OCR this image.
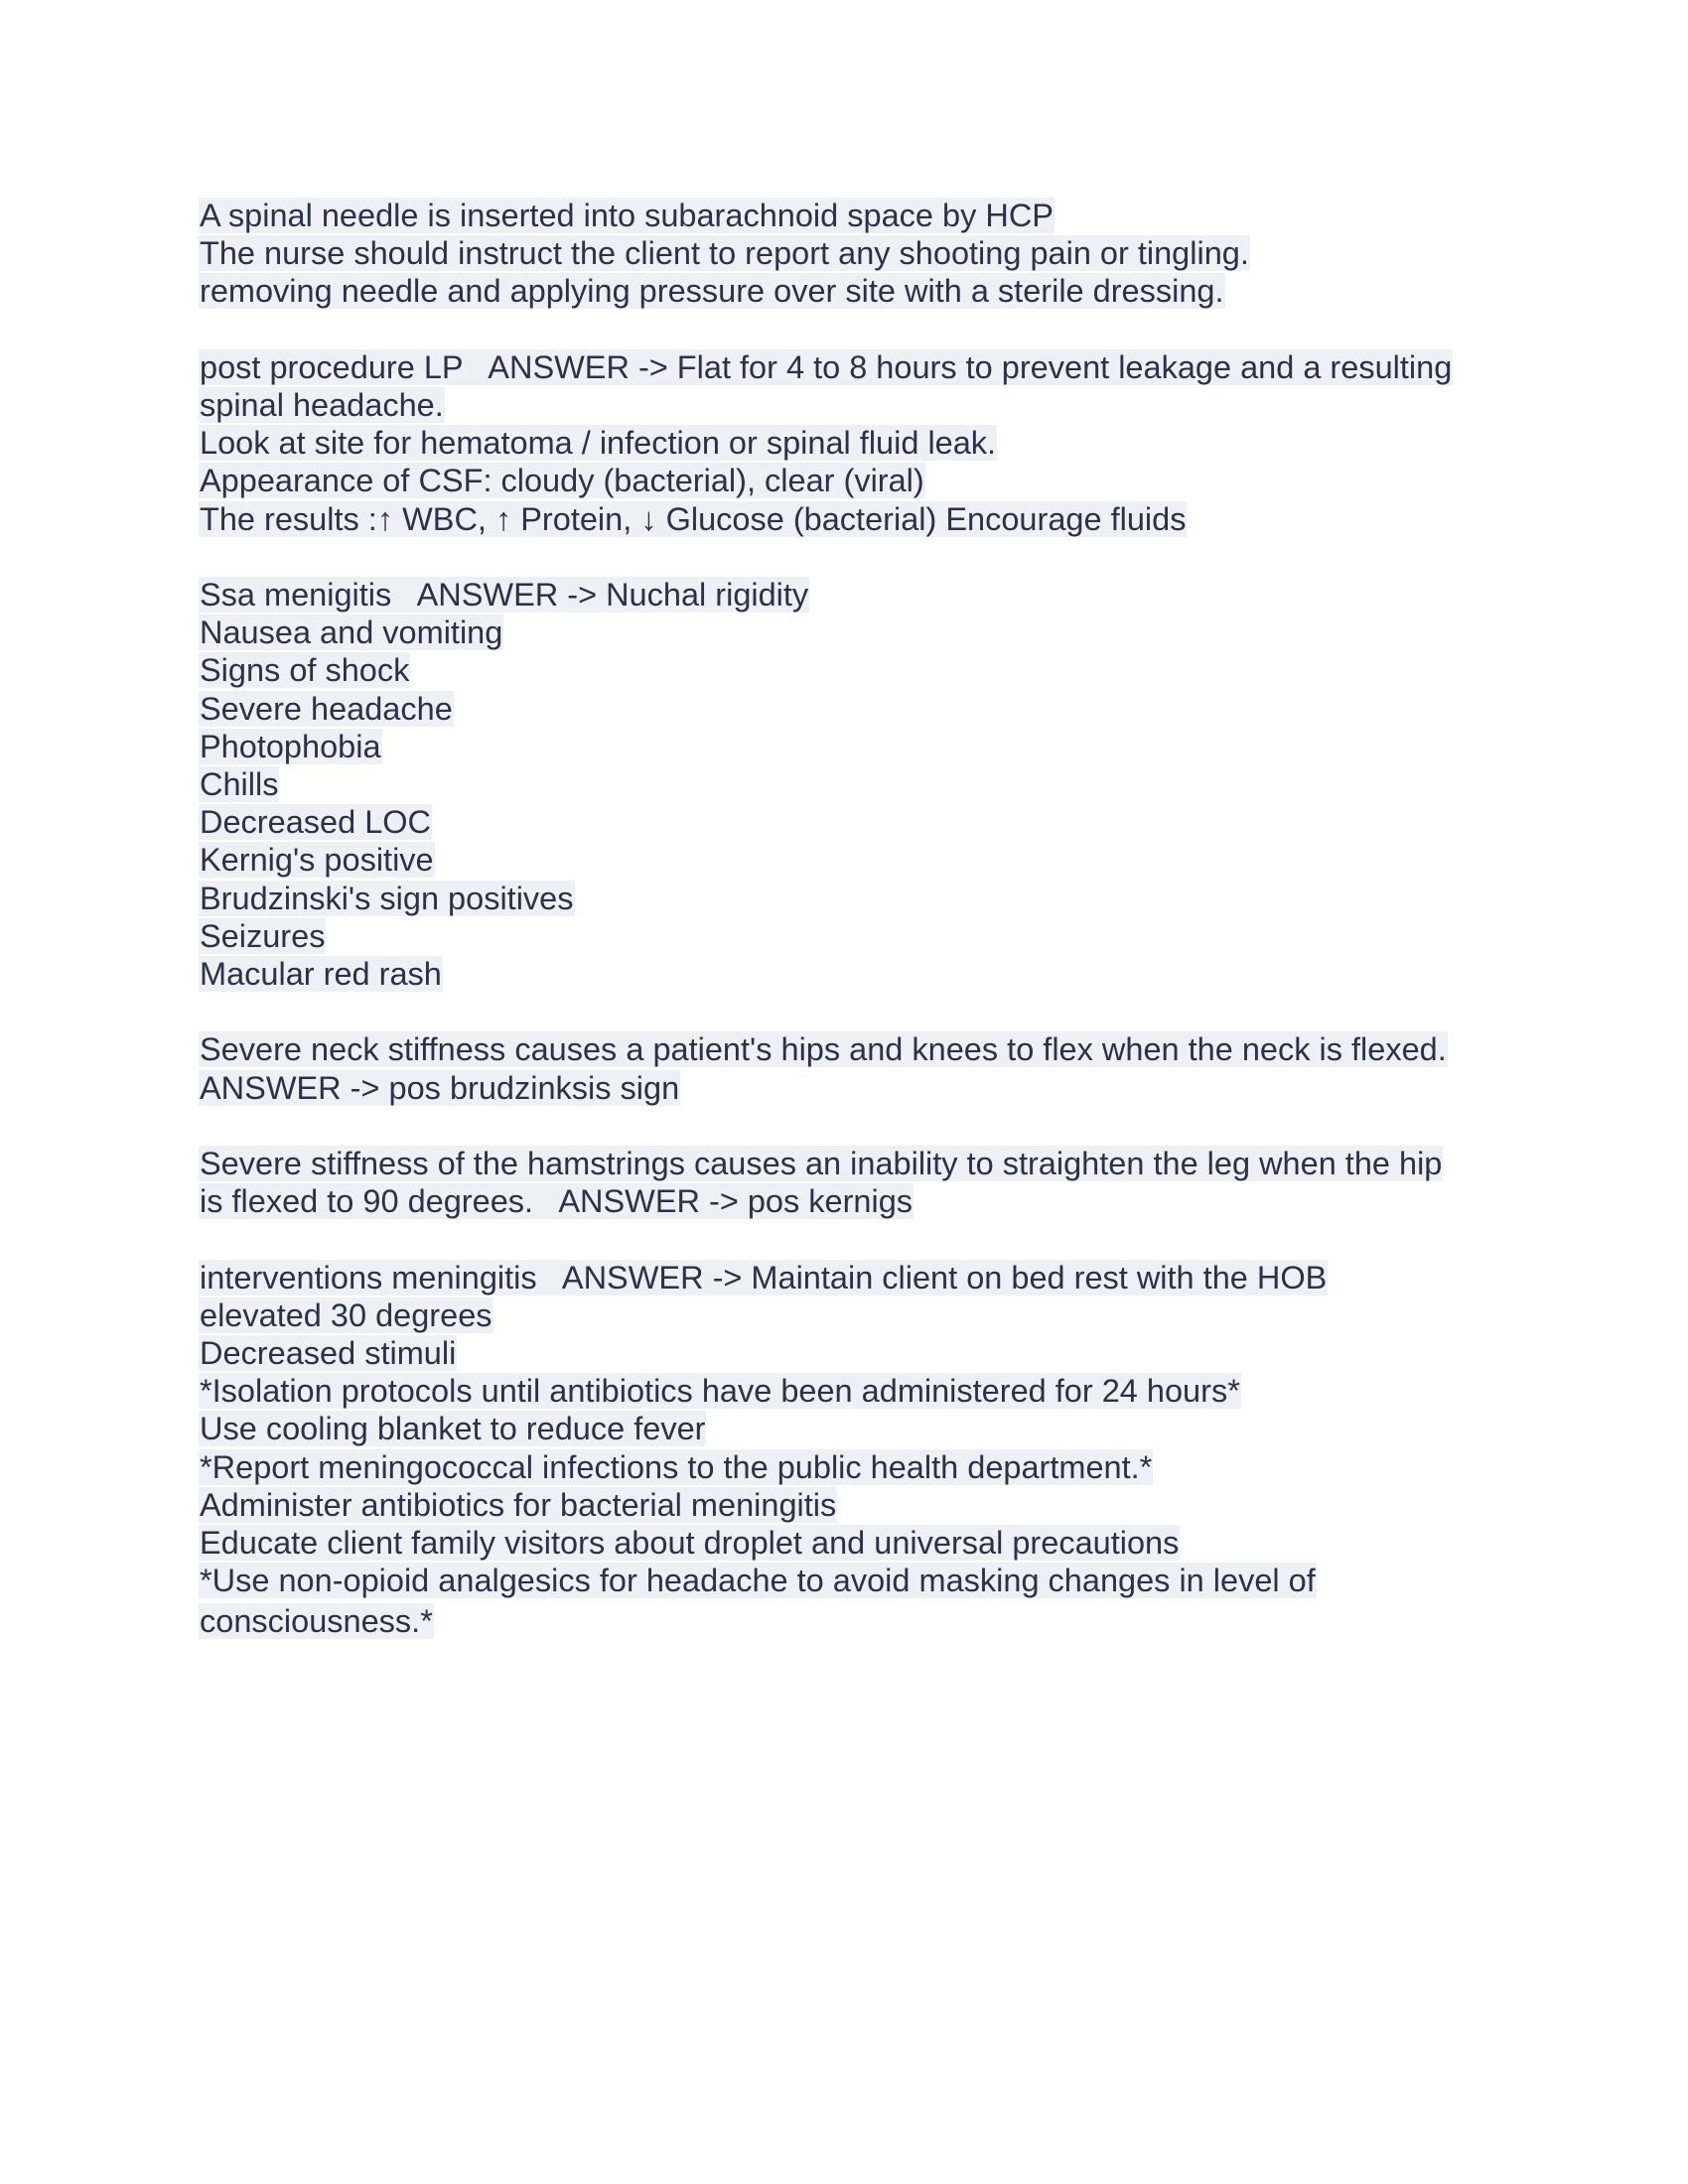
A spinal needle is inserted into subarachnoid space by HCP
The nurse should instruct the client to report any shooting pain or tingling.
removing needle and applying pressure over site with a sterile dressing.
post procedure LP   ANSWER -> Flat for 4 to 8 hours to prevent leakage and a resulting
spinal headache.
Look at site for hematoma / infection or spinal fluid leak.
Appearance of CSF: cloudy (bacterial), clear (viral)
The results :↑ WBC, ↑ Protein, ↓ Glucose (bacterial) Encourage fluids
Ssa menigitis   ANSWER -> Nuchal rigidity
Nausea and vomiting
Signs of shock
Severe headache
Photophobia
Chills
Decreased LOC
Kernig's positive
Brudzinski's sign positives
Seizures
Macular red rash
Severe neck stiffness causes a patient's hips and knees to flex when the neck is flexed.
ANSWER -> pos brudzinksis sign
Severe stiffness of the hamstrings causes an inability to straighten the leg when the hip
is flexed to 90 degrees.   ANSWER -> pos kernigs
interventions meningitis   ANSWER -> Maintain client on bed rest with the HOB
elevated 30 degrees
Decreased stimuli
*Isolation protocols until antibiotics have been administered for 24 hours*
Use cooling blanket to reduce fever
*Report meningococcal infections to the public health department.*
Administer antibiotics for bacterial meningitis
Educate client family visitors about droplet and universal precautions
*Use non-opioid analgesics for headache to avoid masking changes in level of
consciousness.*
